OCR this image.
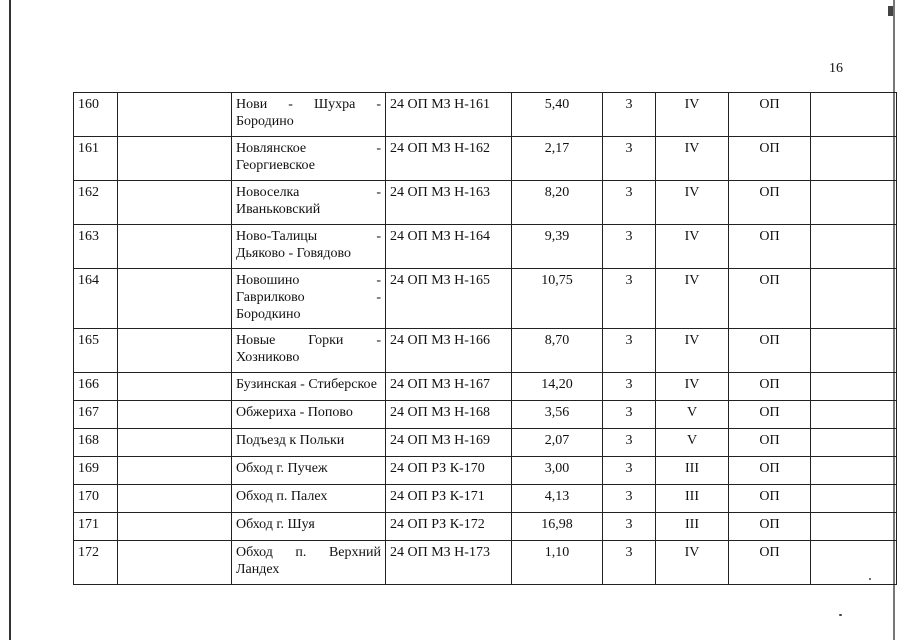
16
160		Нови - Шухра -
Бородино	24 ОП МЗ Н-161	5,40	3	IV	ОП	
161		Новлянское -
Георгиевское	24 ОП МЗ Н-162	2,17	3	IV	ОП	
162		Новоселка -
Иваньковский	24 ОП МЗ Н-163	8,20	3	IV	ОП	
163		Ново-Талицы -
Дьяково - Говядово	24 ОП МЗ Н-164	9,39	3	IV	ОП	
164		Новошино -
Гаврилково -
Бородкино	24 ОП МЗ Н-165	10,75	3	IV	ОП	
165		Новые Горки -
Хозниково	24 ОП МЗ Н-166	8,70	3	IV	ОП	
166		Бузинская - Стиберское	24 ОП МЗ Н-167	14,20	3	IV	ОП	
167		Обжериха - Попово	24 ОП МЗ Н-168	3,56	3	V	ОП	
168		Подъезд к Польки	24 ОП МЗ Н-169	2,07	3	V	ОП	
169		Обход г. Пучеж	24 ОП РЗ К-170	3,00	3	III	ОП	
170		Обход п. Палех	24 ОП РЗ К-171	4,13	3	III	ОП	
171		Обход г. Шуя	24 ОП РЗ К-172	16,98	3	III	ОП	
172		Обход п. Верхний
Ландех	24 ОП МЗ Н-173	1,10	3	IV	ОП	
